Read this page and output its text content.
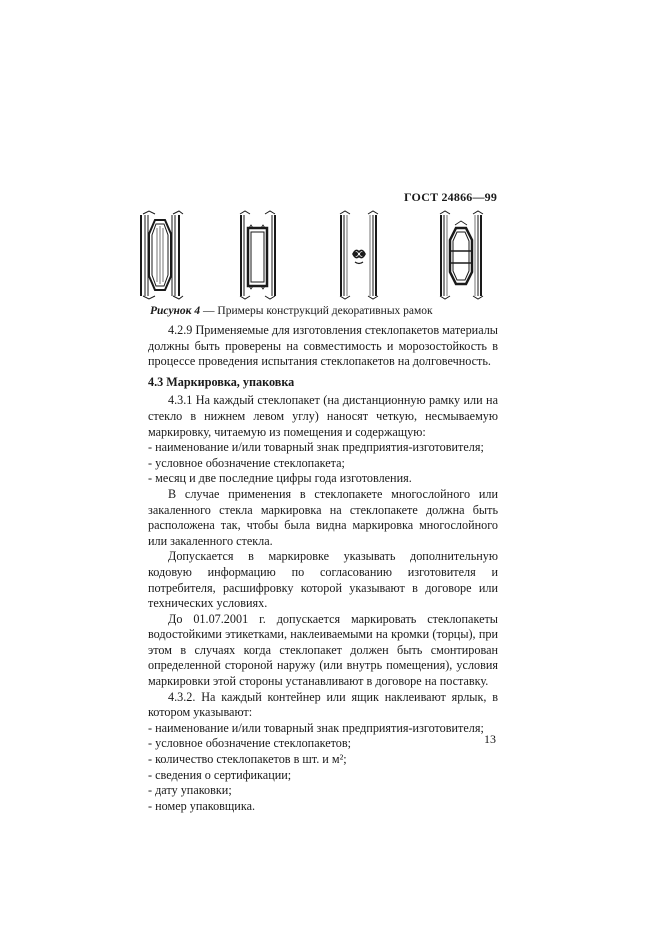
ГОСТ 24866—99
Рисунок 4 — Примеры конструкций декоративных рамок

4.2.9 Применяемые для изготовления стеклопакетов материалы должны быть проверены на совместимость и морозостойкость в процессе проведения испытания стеклопакетов на долговечность.

4.3 Маркировка, упаковка

4.3.1 На каждый стеклопакет (на дистанционную рамку или на стекло в нижнем левом углу) наносят четкую, несмываемую маркировку, читаемую из помещения и содержащую:

- наименование и/или товарный знак предприятия-изготовителя;

- условное обозначение стеклопакета;

- месяц и две последние цифры года изготовления.

В случае применения в стеклопакете многослойного или закаленного стекла маркировка на стеклопакете должна быть расположена так, чтобы была видна маркировка многослойного или закаленного стекла.

Допускается в маркировке указывать дополнительную кодовую информацию по согласованию изготовителя и потребителя, расшифровку которой указывают в договоре или технических условиях.

До 01.07.2001 г. допускается маркировать стеклопакеты водостойкими этикетками, наклеиваемыми на кромки (торцы), при этом в случаях когда стеклопакет должен быть смонтирован определенной стороной наружу (или внутрь помещения), условия маркировки этой стороны устанавливают в договоре на поставку.

4.3.2. На каждый контейнер или ящик наклеивают ярлык, в котором указывают:

- наименование и/или товарный знак предприятия-изготовителя;

- условное обозначение стеклопакетов;

- количество стеклопакетов в шт. и м²;

- сведения о сертификации;

- дату упаковки;

- номер упаковщика.

13
